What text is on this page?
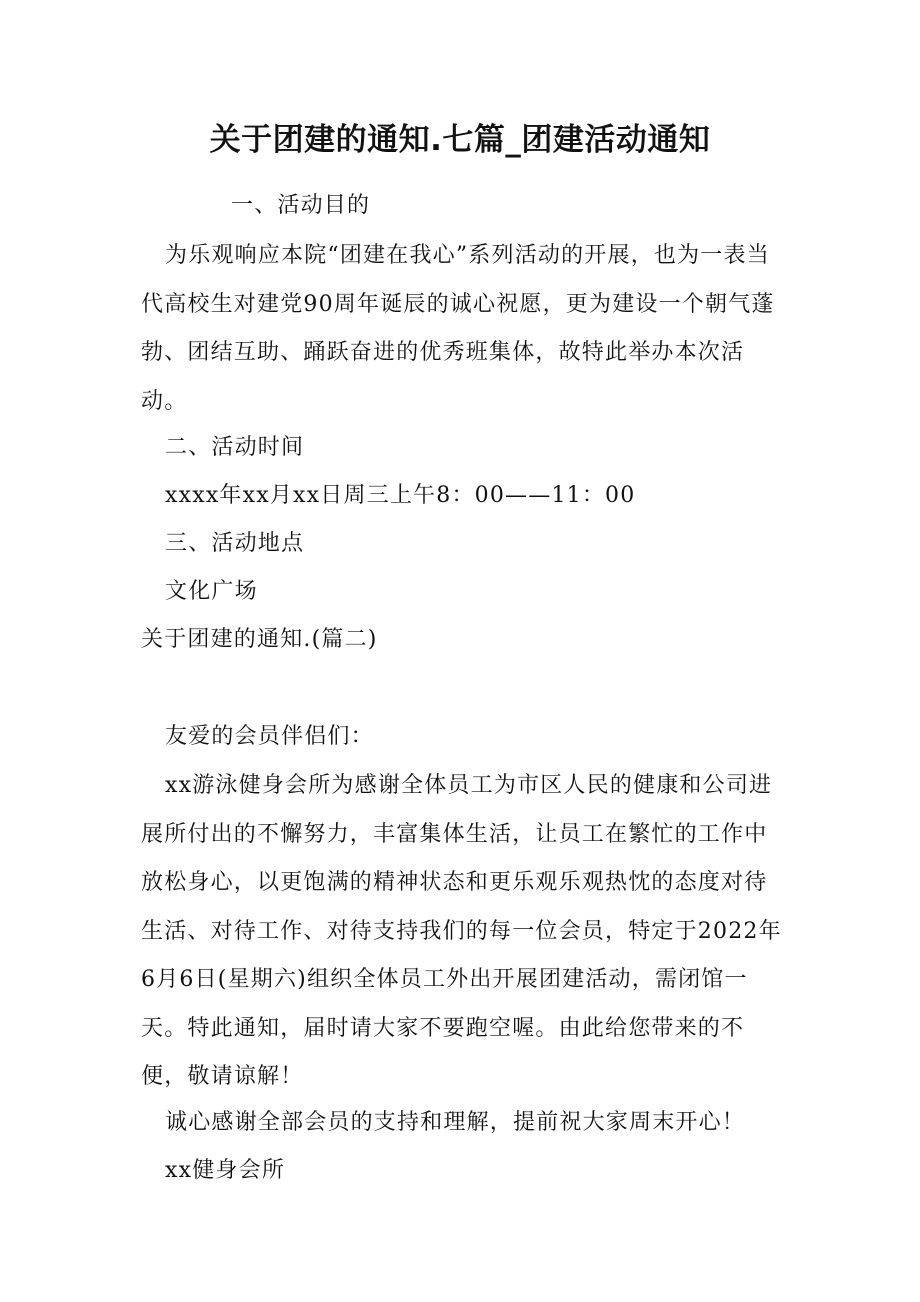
关于团建的通知.七篇_团建活动通知
一、活动目的

为乐观响应本院“团建在我心”系列活动的开展，也为一表当代高校生对建党90周年诞辰的诚心祝愿，更为建设一个朝气蓬勃、团结互助、踊跃奋进的优秀班集体，故特此举办本次活动。

二、活动时间
xxxx年xx月xx日周三上午8：00——11：00
三、活动地点
文化广场
关于团建的通知.(篇二)
友爱的会员伴侣们：

xx游泳健身会所为感谢全体员工为市区人民的健康和公司进展所付出的不懈努力，丰富集体生活，让员工在繁忙的工作中放松身心，以更饱满的精神状态和更乐观乐观热忱的态度对待生活、对待工作、对待支持我们的每一位会员，特定于2022年6月6日(星期六)组织全体员工外出开展团建活动，需闭馆一天。特此通知，届时请大家不要跑空喔。由此给您带来的不便，敬请谅解！

诚心感谢全部会员的支持和理解，提前祝大家周末开心！
xx健身会所
